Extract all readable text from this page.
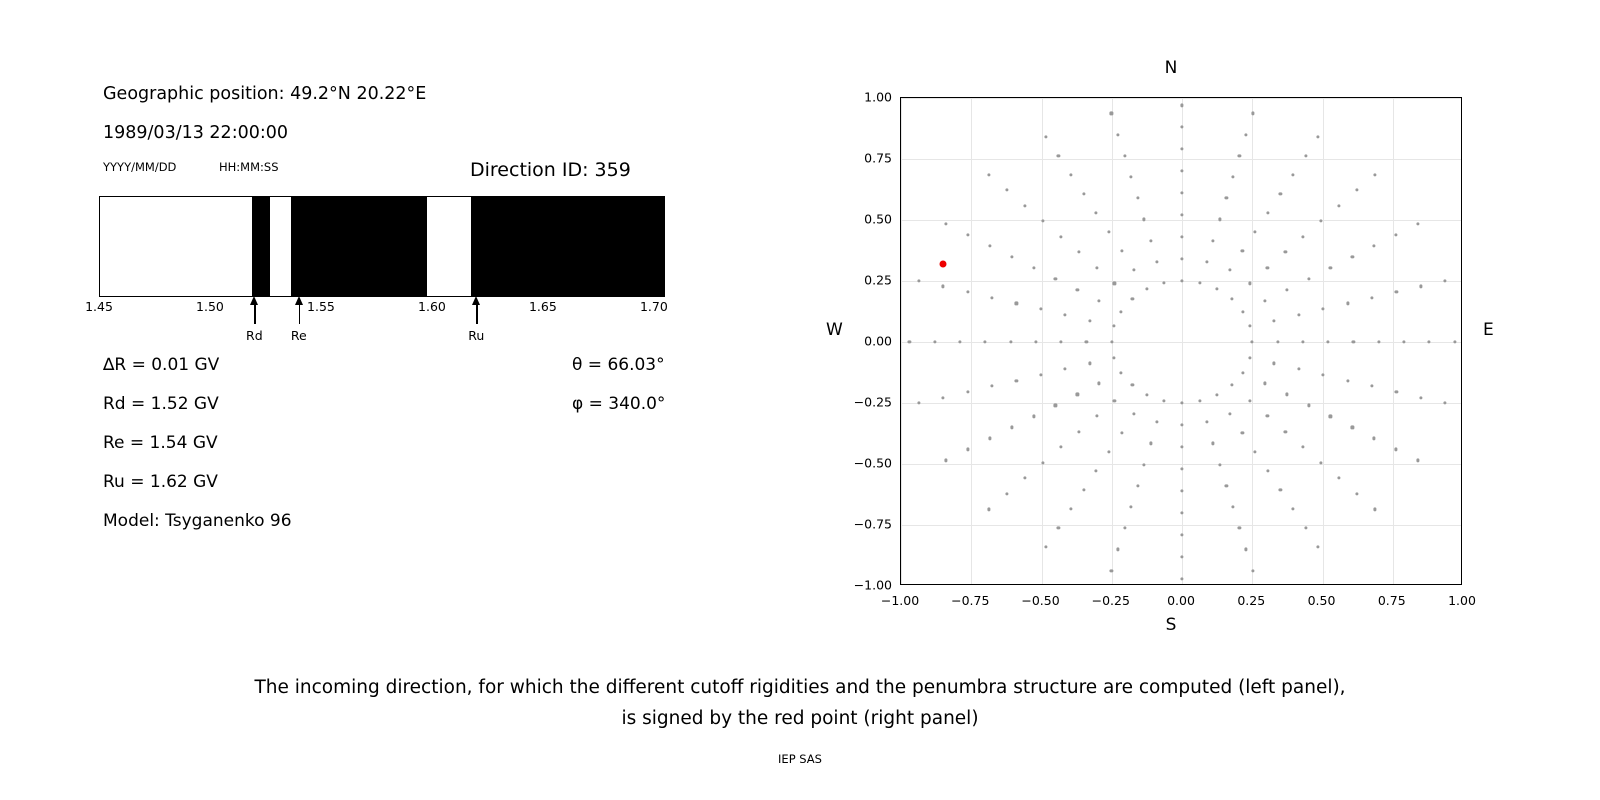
Geographic position: 49.2°N 20.22°E
1989/03/13 22:00:00
YYYY/MM/DD	HH:MM:SS	Direction ID: 359
1.45	1.50	1.55	1.60	1.65	1.70
Rd Re	Ru
∆R = 0.01 GV
Rd = 1.52 GV
Re = 1.54 GV
Ru = 1.62 GV
Model: Tsyganenko 96
θ = 66.03°
φ = 340.0°
N
S
W	E
−1.00	−0.75	−0.50	−0.25	0.00	0.25	0.50	0.75	1.00
−1.00
−0.75
−0.50
−0.25
0.00
0.25
0.50
0.75
1.00
The incoming direction, for which the different cutoff rigidities and the penumbra structure are computed (left panel),
is signed by the red point (right panel)
IEP SAS
